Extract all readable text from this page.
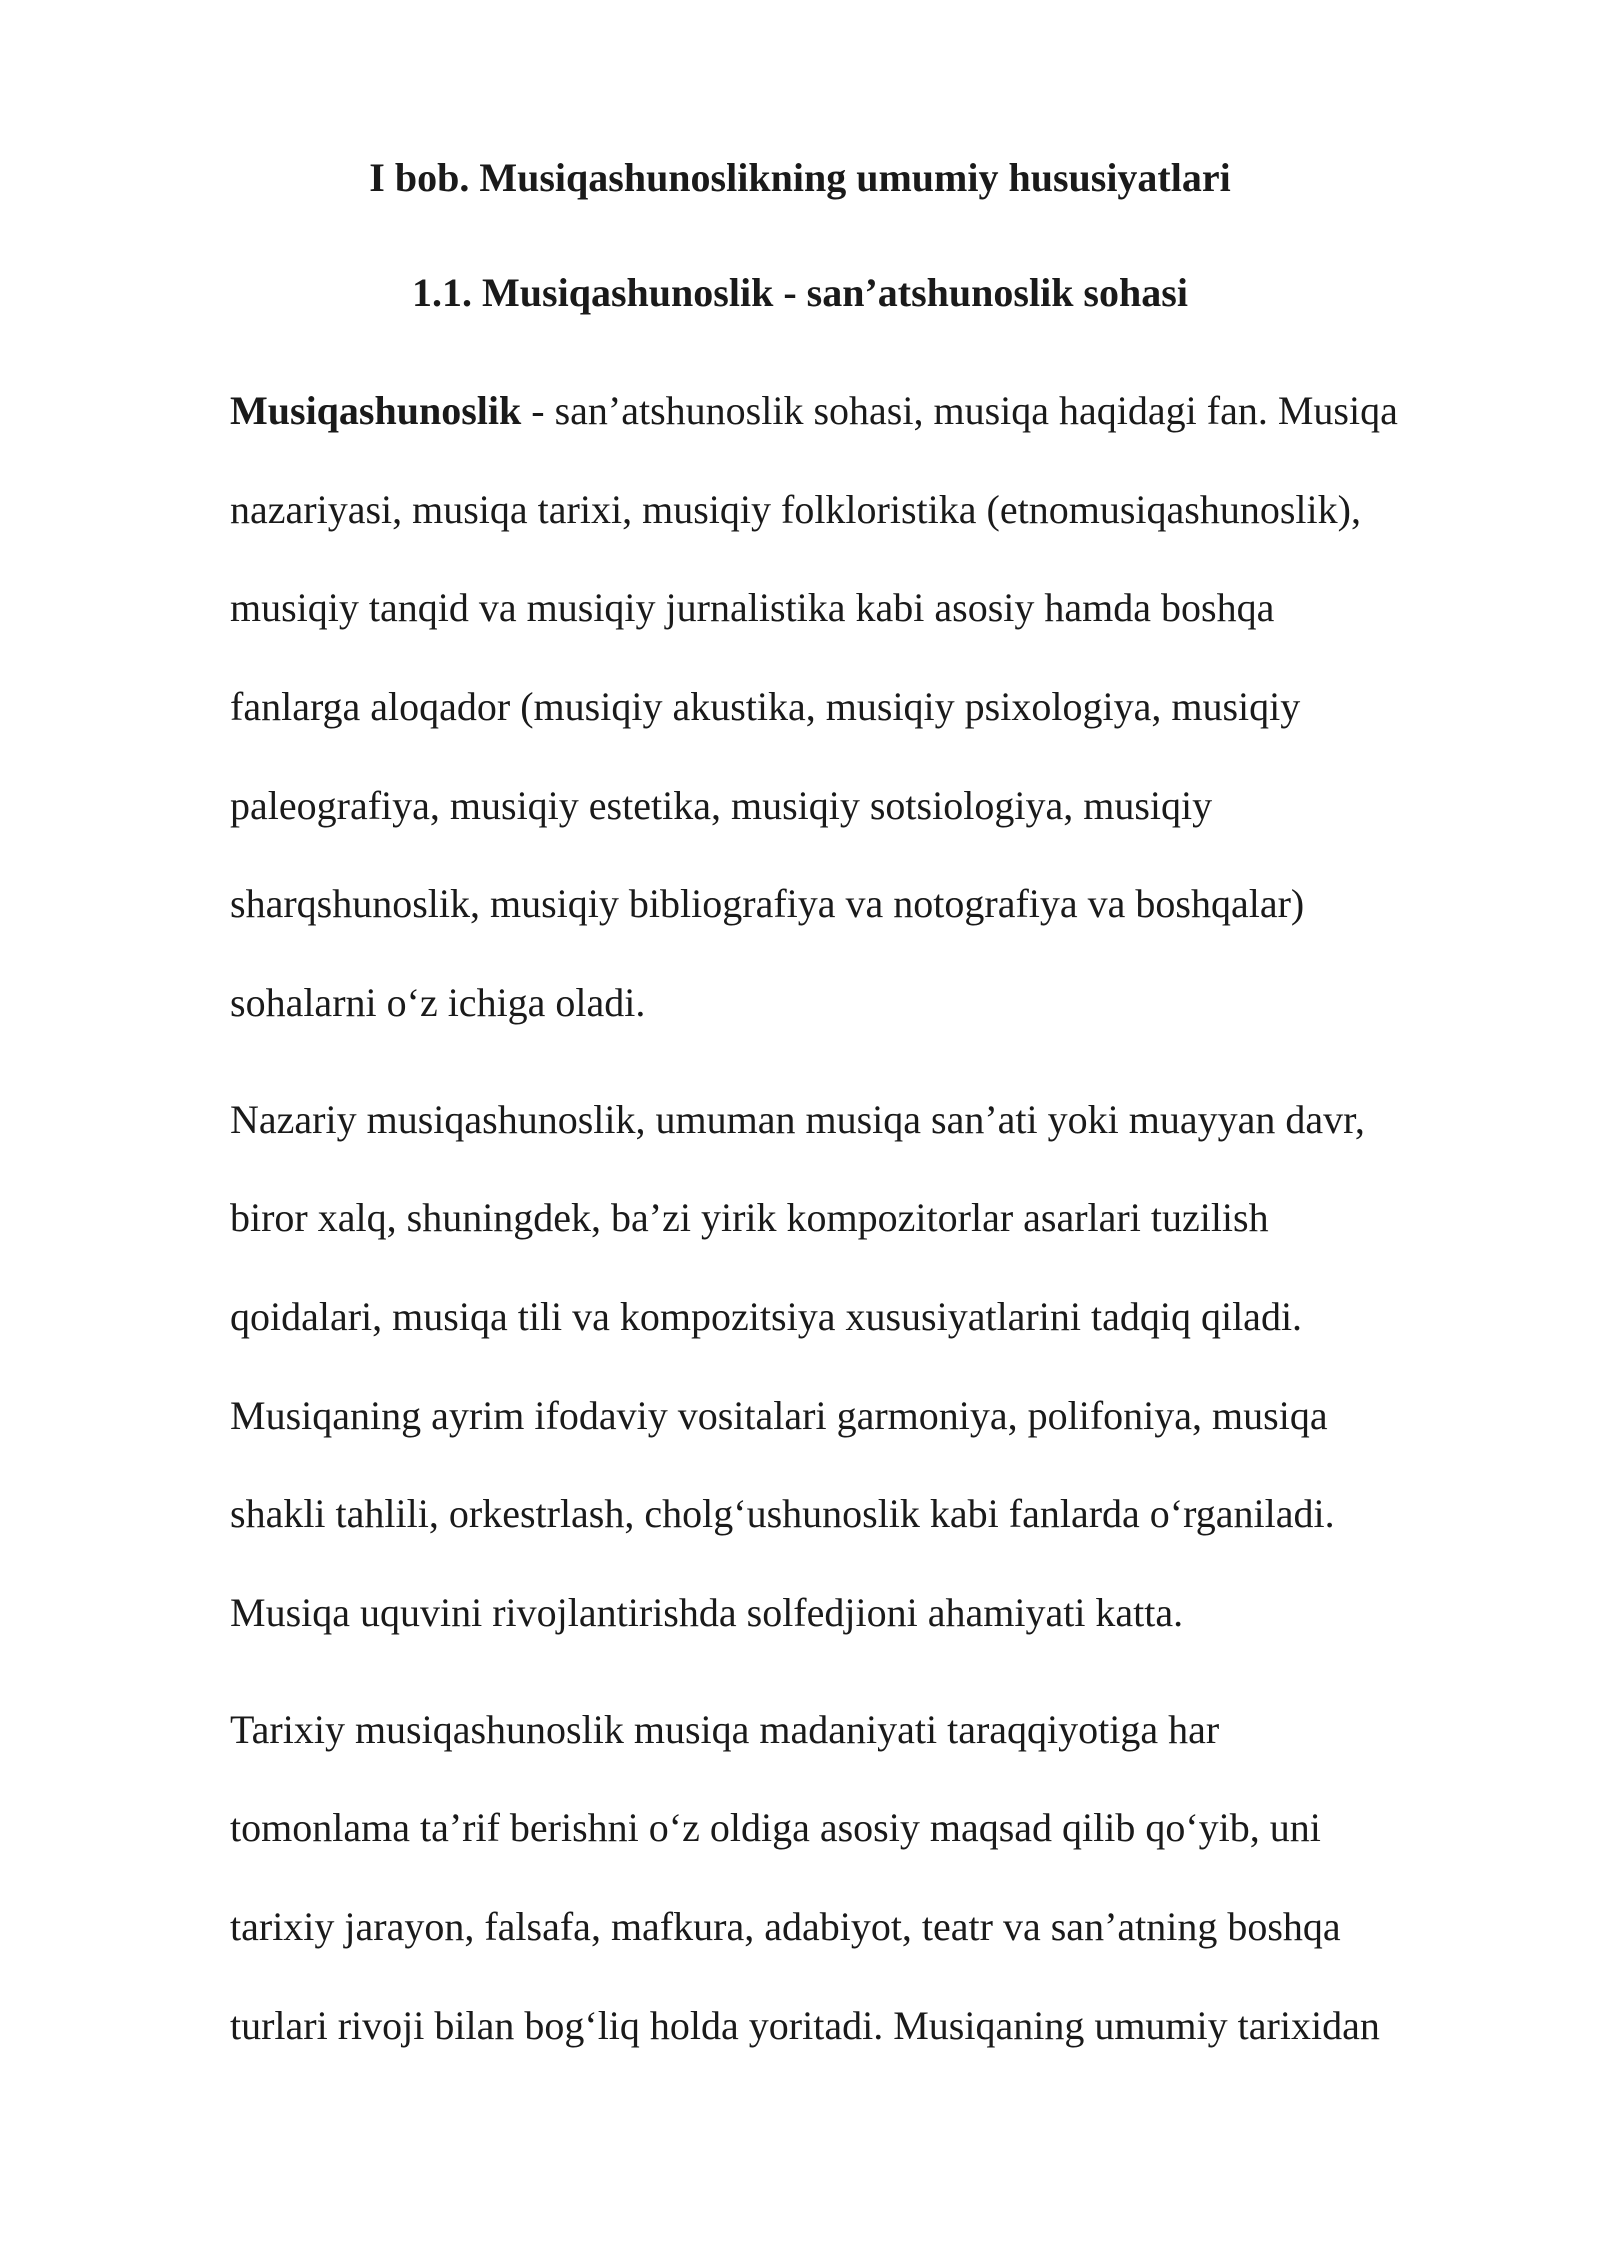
I bob. Musiqashunoslikning umumiy hususiyatlari
1.1. Musiqashunoslik - san’atshunoslik sohasi

Musiqashunoslik - san’atshunoslik sohasi, musiqa haqidagi fan. Musiqa

nazariyasi, musiqa tarixi, musiqiy folkloristika (etnomusiqashunoslik),

musiqiy tanqid va musiqiy jurnalistika kabi asosiy hamda boshqa

fanlarga aloqador (musiqiy akustika, musiqiy psixologiya, musiqiy

paleografiya, musiqiy estetika, musiqiy sotsiologiya, musiqiy

sharqshunoslik, musiqiy bibliografiya va notografiya va boshqalar)

sohalarni o‘z ichiga oladi.

Nazariy musiqashunoslik, umuman musiqa san’ati yoki muayyan davr,

biror xalq, shuningdek, ba’zi yirik kompozitorlar asarlari tuzilish

qoidalari, musiqa tili va kompozitsiya xususiyatlarini tadqiq qiladi.

Musiqaning ayrim ifodaviy vositalari garmoniya, polifoniya, musiqa

shakli tahlili, orkestrlash, cholg‘ushunoslik kabi fanlarda o‘rganiladi.

Musiqa uquvini rivojlantirishda solfedjioni ahamiyati katta.

Tarixiy musiqashunoslik musiqa madaniyati taraqqiyotiga har

tomonlama ta’rif berishni o‘z oldiga asosiy maqsad qilib qo‘yib, uni

tarixiy jarayon, falsafa, mafkura, adabiyot, teatr va san’atning boshqa

turlari rivoji bilan bog‘liq holda yoritadi. Musiqaning umumiy tarixidan
